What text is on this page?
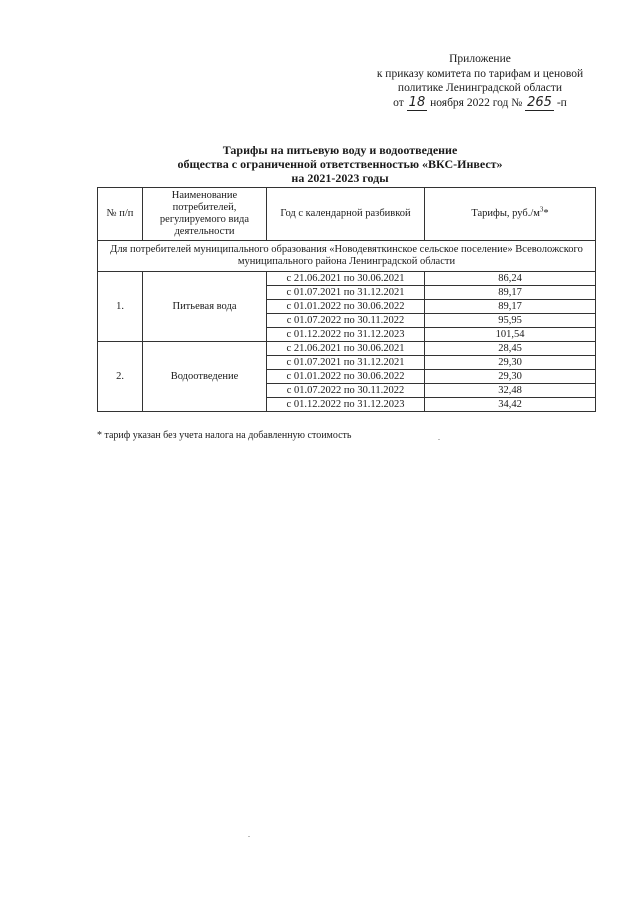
Приложение
к приказу комитета по тарифам и ценовой
политике Ленинградской области
от 18 ноября 2022 год № 265 -п
Тарифы на питьевую воду и водоотведение
общества с ограниченной ответственностью «ВКС-Инвест»
на 2021-2023 годы
№ п/п	Наименование потребителей, регулируемого вида деятельности	Год с календарной разбивкой	Тарифы, $руб./м^3*$
Для потребителей муниципального образования «Новодевяткинское сельское поселение» Всеволожского муниципального района Ленинградской области			
1.	Питьевая вода	с 21.06.2021 по 30.06.2021	86,24
		с 01.07.2021 по 31.12.2021	89,17
		с 01.01.2022 по 30.06.2022	89,17
		с 01.07.2022 по 30.11.2022	95,95
		с 01.12.2022 по 31.12.2023	101,54
2.	Водоотведение	с 21.06.2021 по 30.06.2021	28,45
		с 01.07.2021 по 31.12.2021	29,30
		с 01.01.2022 по 30.06.2022	29,30
		с 01.07.2022 по 30.11.2022	32,48
		с 01.12.2022 по 31.12.2023	34,42
* тариф указан без учета налога на добавленную стоимость
